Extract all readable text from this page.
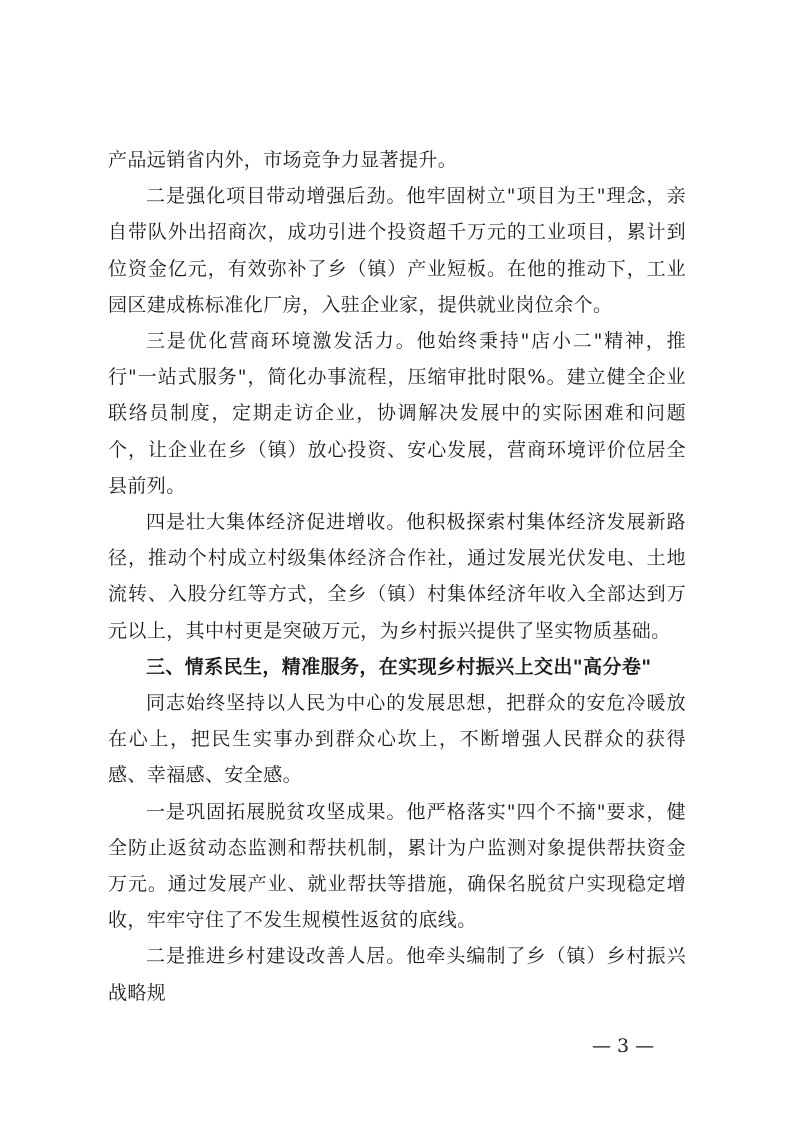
产品远销省内外，市场竞争力显著提升。

二是强化项目带动增强后劲。他牢固树立"项目为王"理念，亲自带队外出招商次，成功引进个投资超千万元的工业项目，累计到位资金亿元，有效弥补了乡（镇）产业短板。在他的推动下，工业园区建成栋标准化厂房，入驻企业家，提供就业岗位余个。

三是优化营商环境激发活力。他始终秉持"店小二"精神，推行"一站式服务"，简化办事流程，压缩审批时限%。建立健全企业联络员制度，定期走访企业，协调解决发展中的实际困难和问题个，让企业在乡（镇）放心投资、安心发展，营商环境评价位居全县前列。

四是壮大集体经济促进增收。他积极探索村集体经济发展新路径，推动个村成立村级集体经济合作社，通过发展光伏发电、土地流转、入股分红等方式，全乡（镇）村集体经济年收入全部达到万元以上，其中村更是突破万元，为乡村振兴提供了坚实物质基础。

三、情系民生，精准服务，在实现乡村振兴上交出"高分卷"

同志始终坚持以人民为中心的发展思想，把群众的安危冷暖放在心上，把民生实事办到群众心坎上，不断增强人民群众的获得感、幸福感、安全感。

一是巩固拓展脱贫攻坚成果。他严格落实"四个不摘"要求，健全防止返贫动态监测和帮扶机制，累计为户监测对象提供帮扶资金万元。通过发展产业、就业帮扶等措施，确保名脱贫户实现稳定增收，牢牢守住了不发生规模性返贫的底线。

二是推进乡村建设改善人居。他牵头编制了乡（镇）乡村振兴战略规

— 3 —
